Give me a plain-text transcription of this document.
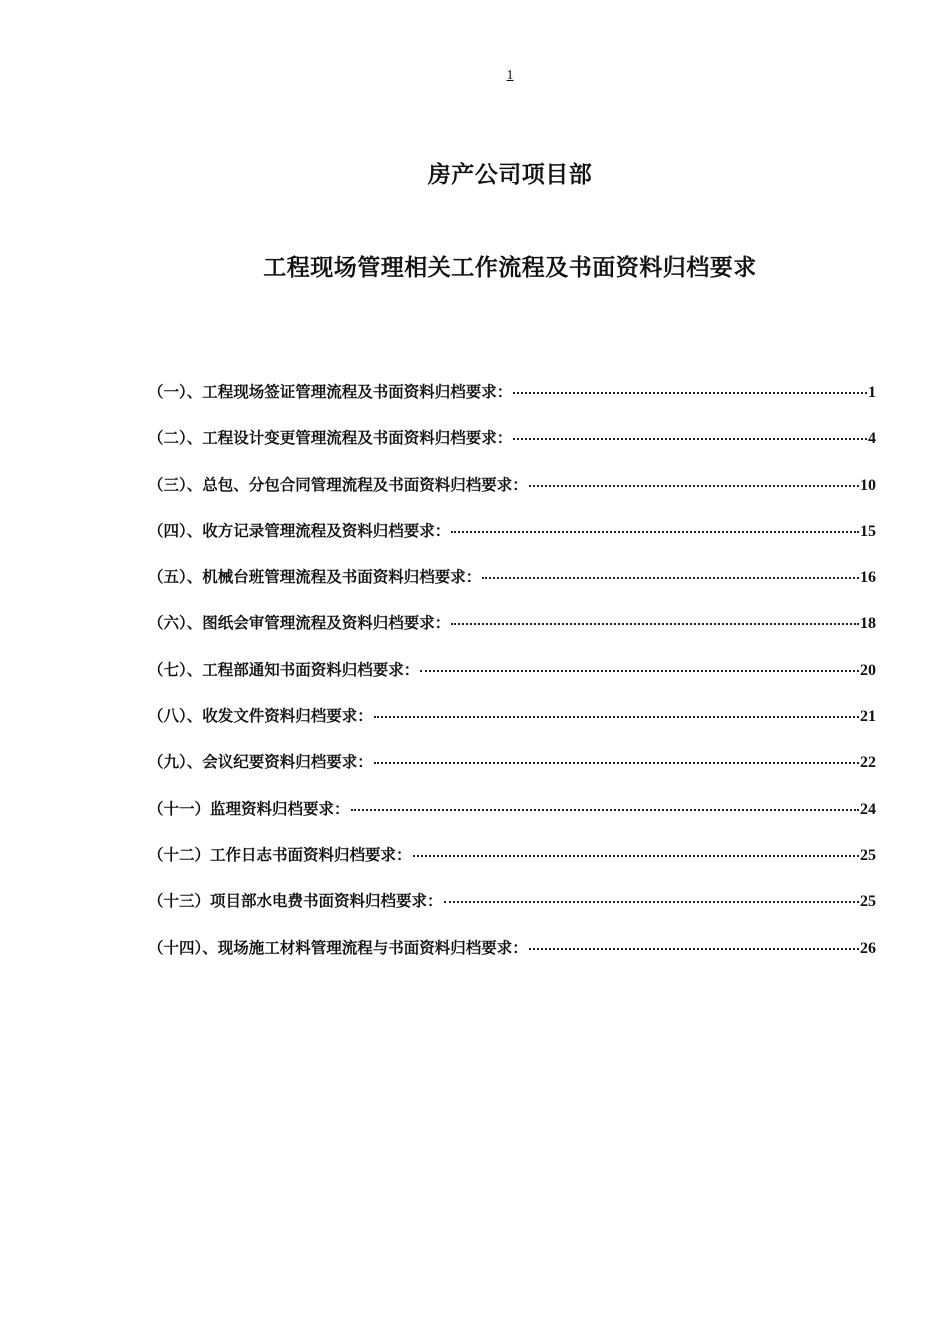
1
房产公司项目部
工程现场管理相关工作流程及书面资料归档要求
（一）、工程现场签证管理流程及书面资料归档要求：	1
（二）、工程设计变更管理流程及书面资料归档要求：	4
（三）、总包、分包合同管理流程及书面资料归档要求：	10
（四）、收方记录管理流程及资料归档要求：	15
（五）、机械台班管理流程及书面资料归档要求：	16
（六）、图纸会审管理流程及资料归档要求：	18
（七）、工程部通知书面资料归档要求：	20
（八）、收发文件资料归档要求：	21
（九）、会议纪要资料归档要求：	22
（十一）监理资料归档要求：	24
（十二）工作日志书面资料归档要求：	25
（十三）项目部水电费书面资料归档要求：	25
（十四）、现场施工材料管理流程与书面资料归档要求：	26
